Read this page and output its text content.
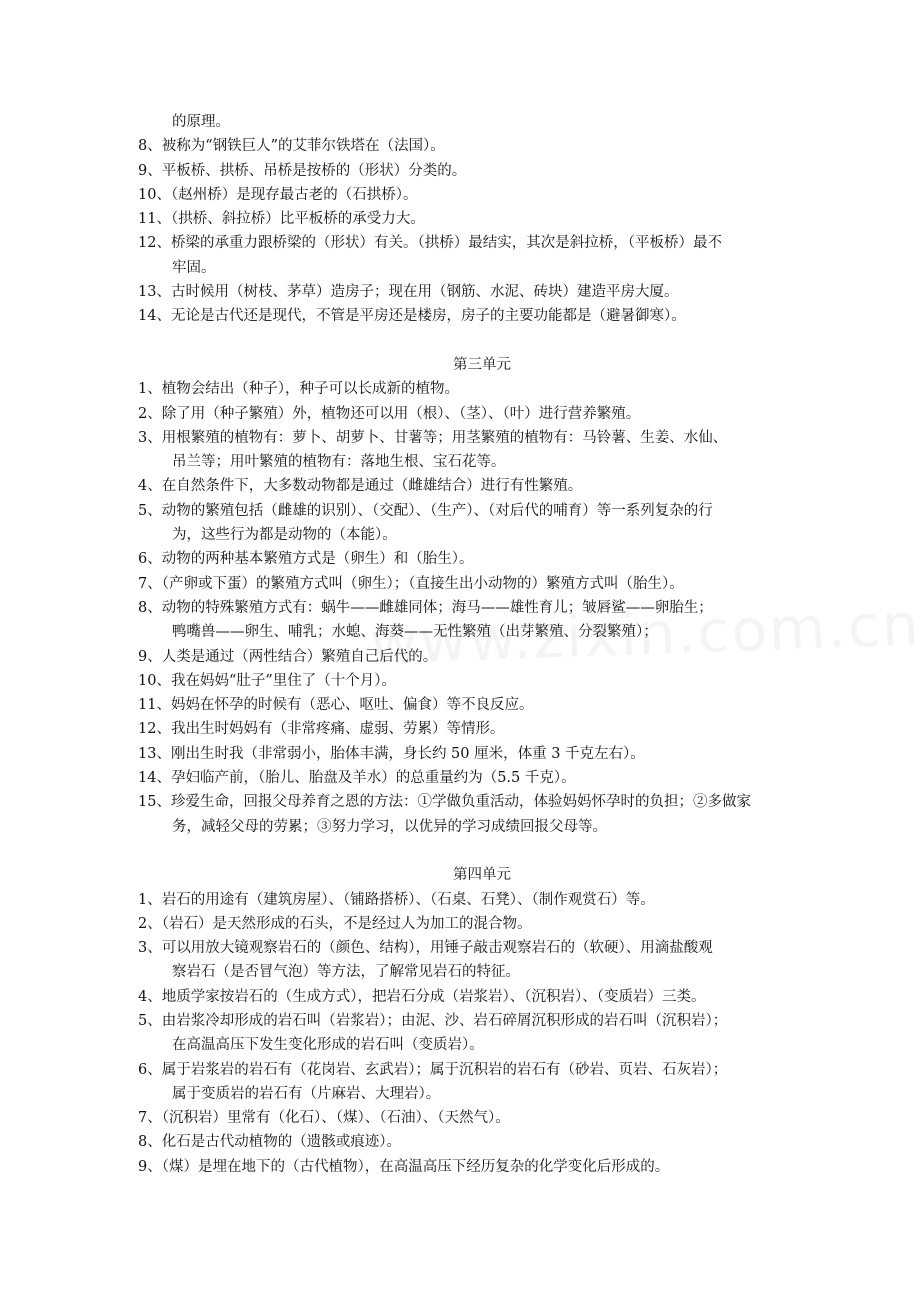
的原理。

8、被称为“钢铁巨人”的艾菲尔铁塔在（法国）。

9、平板桥、拱桥、吊桥是按桥的（形状）分类的。

10、（赵州桥）是现存最古老的（石拱桥）。

11、（拱桥、斜拉桥）比平板桥的承受力大。

12、桥梁的承重力跟桥梁的（形状）有关。（拱桥）最结实，其次是斜拉桥，（平板桥）最不

牢固。

13、古时候用（树枝、茅草）造房子；现在用（钢筋、水泥、砖块）建造平房大厦。

14、无论是古代还是现代，不管是平房还是楼房，房子的主要功能都是（避暑御寒）。

第三单元

1、植物会结出（种子），种子可以长成新的植物。

2、除了用（种子繁殖）外，植物还可以用（根）、（茎）、（叶）进行营养繁殖。

3、用根繁殖的植物有：萝卜、胡萝卜、甘薯等；用茎繁殖的植物有：马铃薯、生姜、水仙、

吊兰等；用叶繁殖的植物有：落地生根、宝石花等。

4、在自然条件下，大多数动物都是通过（雌雄结合）进行有性繁殖。

5、动物的繁殖包括（雌雄的识别）、（交配）、（生产）、（对后代的哺育）等一系列复杂的行

为，这些行为都是动物的（本能）。

6、动物的两种基本繁殖方式是（卵生）和（胎生）。

7、（产卵或下蛋）的繁殖方式叫（卵生）；（直接生出小动物的）繁殖方式叫（胎生）。

8、动物的特殊繁殖方式有：蜗牛——雌雄同体；海马——雄性育儿；皱唇鲨——卵胎生；

鸭嘴兽——卵生、哺乳；水螅、海葵——无性繁殖（出芽繁殖、分裂繁殖）；

9、人类是通过（两性结合）繁殖自己后代的。

10、我在妈妈“肚子”里住了（十个月）。

11、妈妈在怀孕的时候有（恶心、呕吐、偏食）等不良反应。

12、我出生时妈妈有（非常疼痛、虚弱、劳累）等情形。

13、刚出生时我（非常弱小，胎体丰满，身长约 50 厘米，体重 3 千克左右）。

14、孕妇临产前，（胎儿、胎盘及羊水）的总重量约为（5.5 千克）。

15、珍爱生命，回报父母养育之恩的方法：①学做负重活动，体验妈妈怀孕时的负担；②多做家

务，减轻父母的劳累；③努力学习，以优异的学习成绩回报父母等。

第四单元

1、岩石的用途有（建筑房屋）、（铺路搭桥）、（石桌、石凳）、（制作观赏石）等。

2、（岩石）是天然形成的石头，不是经过人为加工的混合物。

3、可以用放大镜观察岩石的（颜色、结构），用锤子敲击观察岩石的（软硬）、用滴盐酸观

察岩石（是否冒气泡）等方法，了解常见岩石的特征。

4、地质学家按岩石的（生成方式），把岩石分成（岩浆岩）、（沉积岩）、（变质岩）三类。

5、由岩浆冷却形成的岩石叫（岩浆岩）；由泥、沙、岩石碎屑沉积形成的岩石叫（沉积岩）；

在高温高压下发生变化形成的岩石叫（变质岩）。

6、属于岩浆岩的岩石有（花岗岩、玄武岩）；属于沉积岩的岩石有（砂岩、页岩、石灰岩）；

属于变质岩的岩石有（片麻岩、大理岩）。

7、（沉积岩）里常有（化石）、（煤）、（石油）、（天然气）。

8、化石是古代动植物的（遗骸或痕迹）。

9、（煤）是埋在地下的（古代植物），在高温高压下经历复杂的化学变化后形成的。
